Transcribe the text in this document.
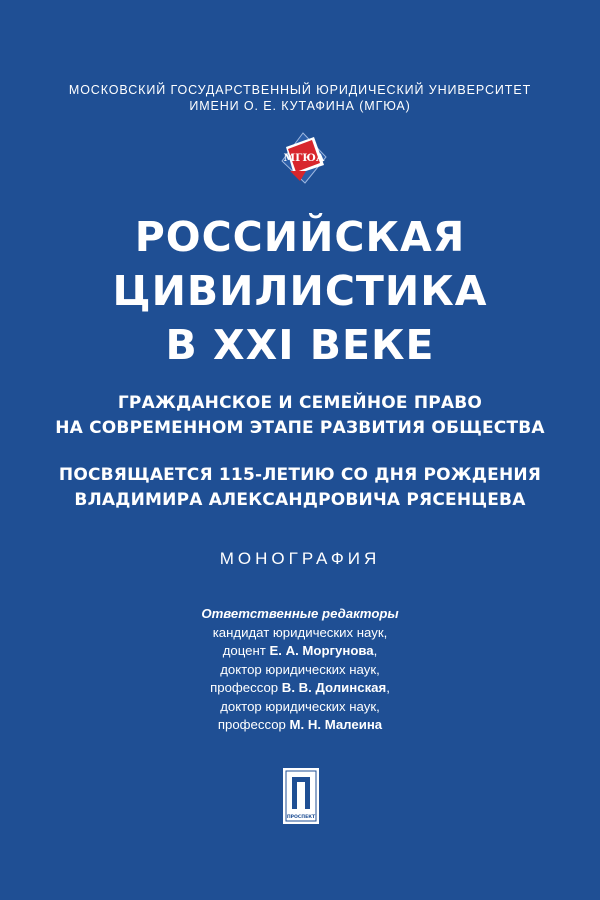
МОСКОВСКИЙ ГОСУДАРСТВЕННЫЙ ЮРИДИЧЕСКИЙ УНИВЕРСИТЕТ
ИМЕНИ О. Е. КУТАФИНА (МГЮА)
МГЮА
РОССИЙСКАЯ
ЦИВИЛИСТИКА
В XXI ВЕКЕ
ГРАЖДАНСКОЕ И СЕМЕЙНОЕ ПРАВО
НА СОВРЕМЕННОМ ЭТАПЕ РАЗВИТИЯ ОБЩЕСТВА
ПОСВЯЩАЕТСЯ 115-ЛЕТИЮ СО ДНЯ РОЖДЕНИЯ
ВЛАДИМИРА АЛЕКСАНДРОВИЧА РЯСЕНЦЕВА
МОНОГРАФИЯ
Ответственные редакторы
кандидат юридических наук,
доцент Е. А. Моргунова,
доктор юридических наук,
профессор В. В. Долинская,
доктор юридических наук,
профессор М. Н. Малеина
ПРОСПЕКТ
